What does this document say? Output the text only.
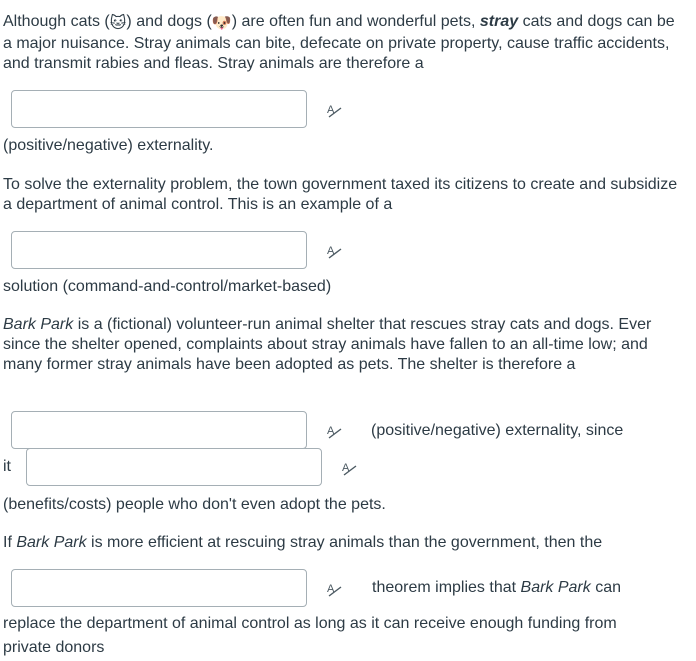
Although cats (🐱) and dogs (🐶) are often fun and wonderful pets, stray cats and dogs can be a major nuisance. Stray animals can bite, defecate on private property, cause traffic accidents, and transmit rabies and fleas. Stray animals are therefore a

A

(positive/negative) externality.

To solve the externality problem, the town government taxed its citizens to create and subsidize a department of animal control. This is an example of a

A

solution (command-and-control/market-based)

Bark Park is a (fictional) volunteer-run animal shelter that rescues stray cats and dogs. Ever since the shelter opened, complaints about stray animals have fallen to an all-time low; and many former stray animals have been adopted as pets. The shelter is therefore a

A (positive/negative) externality, since
it	A

(benefits/costs) people who don't even adopt the pets.

If Bark Park is more efficient at rescuing stray animals than the government, then the

A theorem implies that Bark Park can

replace the department of animal control as long as it can receive enough funding from private donors
